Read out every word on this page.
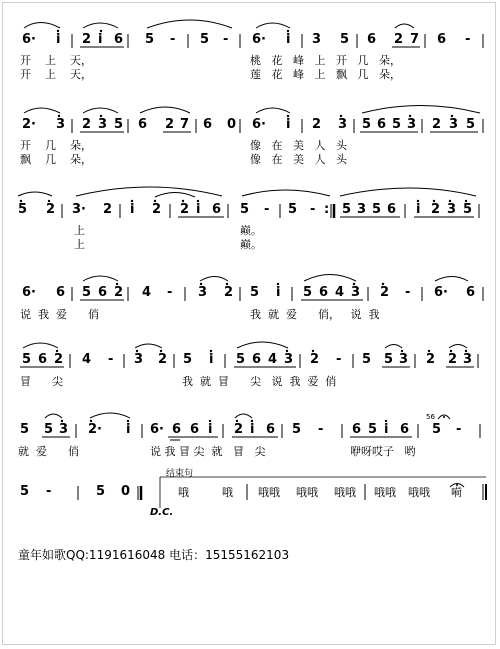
6· i 2 i 6 5 - 5 - 6· i 3 5 6 2 7 6 -
2· 3 2 3 5 6 2 7 6 0 6· i 2 3 5 6 5 3 2 3 5
5 2 3· 2 i 2 2 i 6 5 - 5 - : 5 3 5 6 i 2 3 5
6· 6 5 6 2 4 - 3 2 5 i 5 6 4 3 2 - 6· 6
5 6 2 4 - 3 2 5 i 5 6 4 3 2 - 5 5 3 2 2 3
5 5 3 2· i 6· 6 6 i 2 i 6 5 - 6 5 i 6 5 -
56
5 -	5 0
开    上    天，
开    上    天，
桃   花   峰   上   开   几   朵，
莲   花   峰   上   飘   几   朵，
开    几    朵，
飘    几    朵，
像   在   美   人   头
像   在   美   人   头
上
上
巅。
巅。
说  我  爱      俏	我  就  爱      俏，   说  我
冒      尖	我  就  冒      尖   说  我  爱  俏
就  爱      俏	说 我 冒 尖  就   冒   尖	咿呀哎子   哟
结束句
哦	哦 哦哦 哦哦 哦哦 哦哦 哦哦 嗬
D.C.
童年如歌QQ:1191616048 电话：15155162103
